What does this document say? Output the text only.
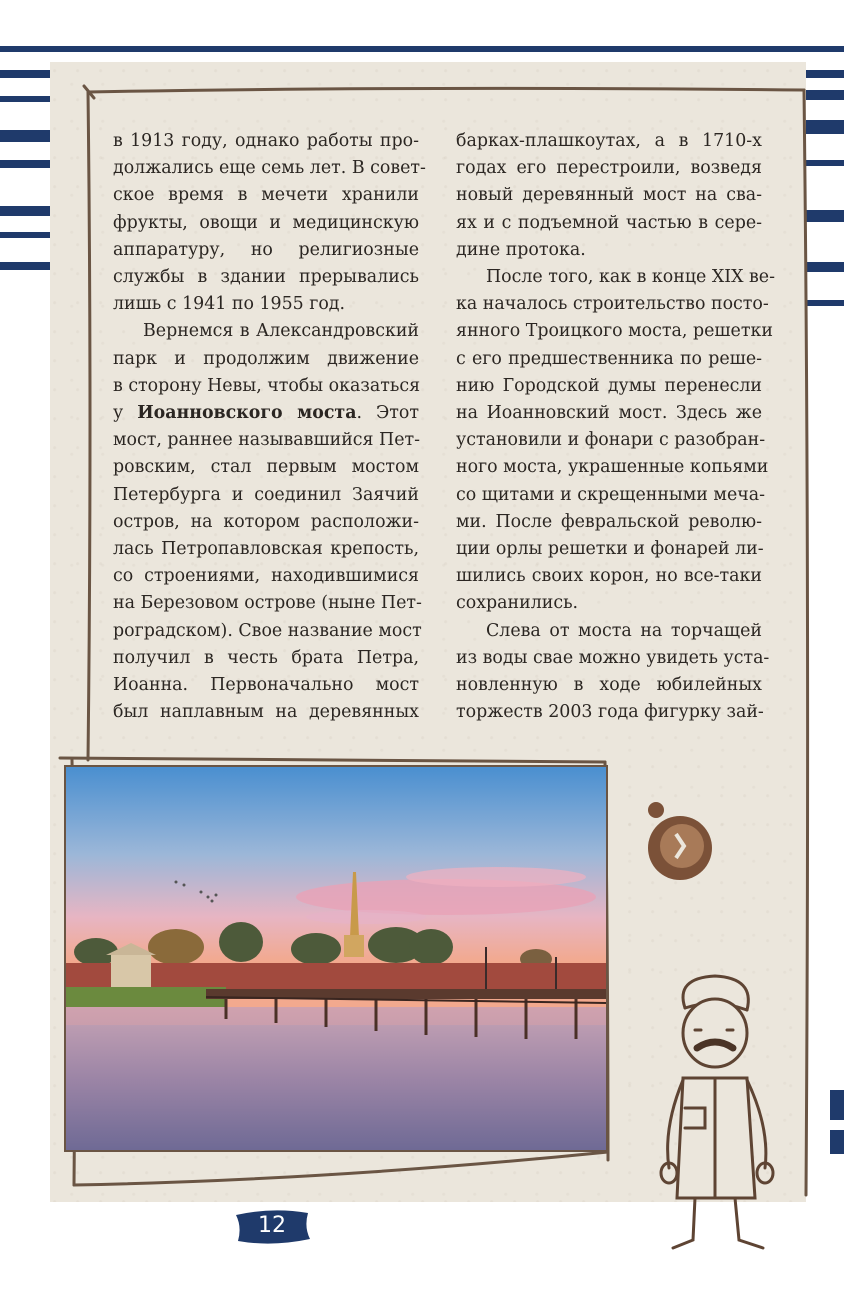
в 1913 году, однако работы про-
должались еще семь лет. В совет-
ское время в мечети хранили
фрукты, овощи и медицинскую
аппаратуру, но религиозные
службы в здании прерывались
лишь с 1941 по 1955 год.

Вернемся в Александровский
парк и продолжим движение
в сторону Невы, чтобы оказаться
у Иоанновского моста. Этот
мост, раннее называвшийся Пет-
ровским, стал первым мостом
Петербурга и соединил Заячий
остров, на котором расположи-
лась Петропавловская крепость,
со строениями, находившимися
на Березовом острове (ныне Пет-
роградском). Свое название мост
получил в честь брата Петра,
Иоанна. Первоначально мост
был наплавным на деревянных

барках-плашкоутах, а в 1710-х
годах его перестроили, возведя
новый деревянный мост на сва-
ях и с подъемной частью в сере-
дине протока.

После того, как в конце XIX ве-
ка началось строительство посто-
янного Троицкого моста, решетки
с его предшественника по реше-
нию Городской думы перенесли
на Иоанновский мост. Здесь же
установили и фонари с разобран-
ного моста, украшенные копьями
со щитами и скрещенными меча-
ми. После февральской револю-
ции орлы решетки и фонарей ли-
шились своих корон, но все-таки
сохранились.

Слева от моста на торчащей
из воды сваe можно увидеть уста-
новленную в ходе юбилейных
торжеств 2003 года фигурку зай-

12
